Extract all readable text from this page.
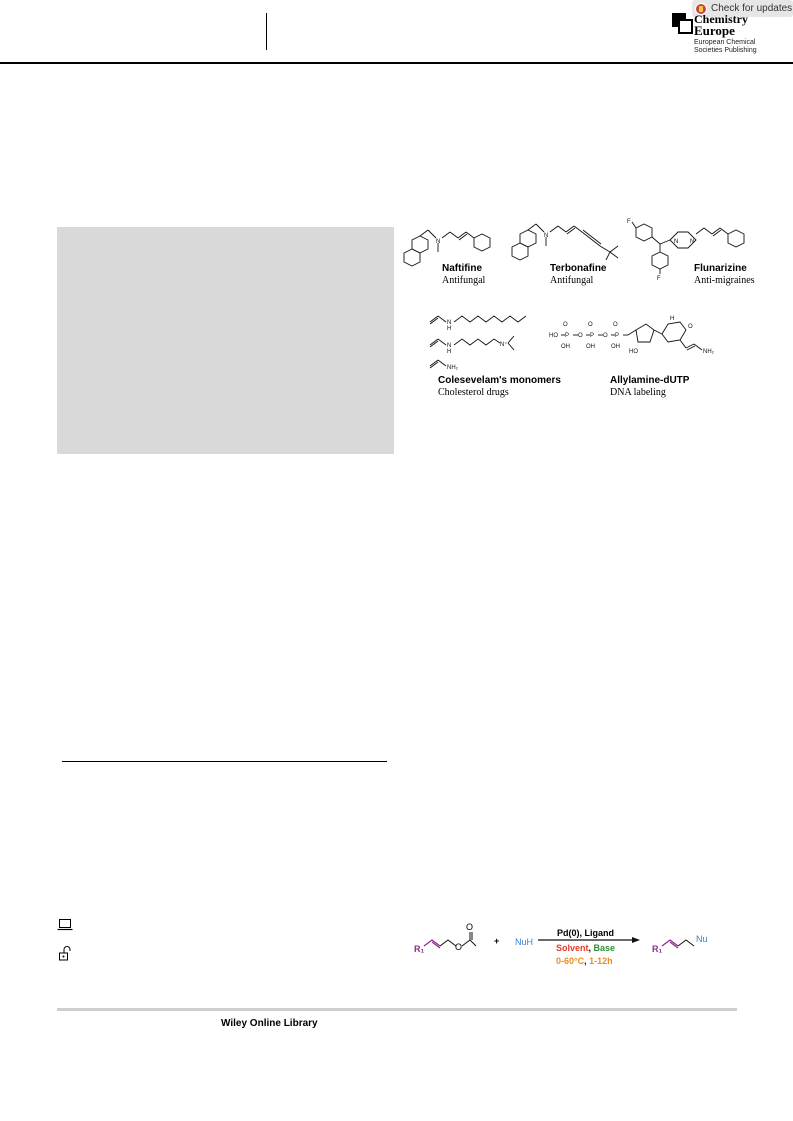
Check for updates
Chemistry
Europe
European Chemical
Societies Publishing
N
N
F
F
N N
N
H
N
H
N⁺
NH₂
HO P O P O P
O	O	O
OH	OH	OH
HO	NH₂
H
O
Naftifine
Antifungal
Terbonafine
Antifungal
Flunarizine
Anti-migraines
Colesevelam's monomers
Cholesterol drugs
Allylamine-dUTP
DNA labeling
R₁	O
O
+ NuH
Pd(0), Ligand
Solvent, Base
0-60°C, 1-12h
R₁
Nu
Wiley Online Library
